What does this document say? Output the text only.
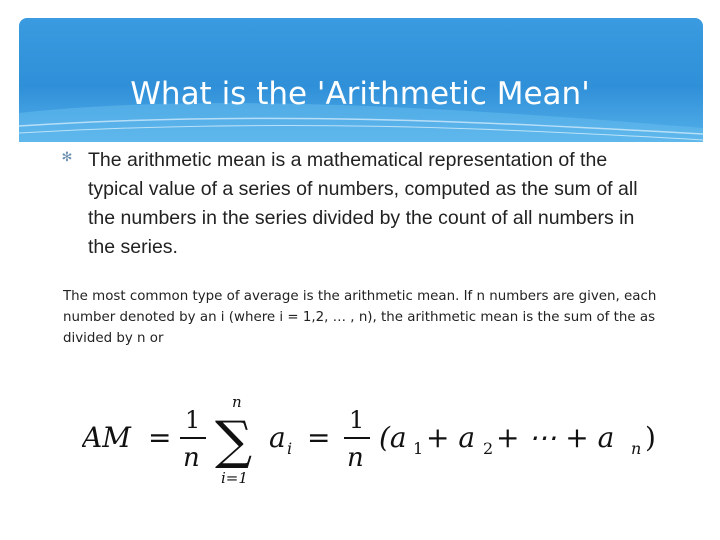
What is the 'Arithmetic Mean'
✻ The arithmetic mean is a mathematical representation of the typical value of a series of numbers, computed as the sum of all the numbers in the series divided by the count of all numbers in the series.

The most common type of average is the arithmetic mean. If n numbers are given, each number denoted by an i (where i = 1,2, … , n), the arithmetic mean is the sum of the as divided by n or

AM =
1
n
n
∑
i=1
a i =
1
n
(a 1 + a 2 + ⋯ + a n )
